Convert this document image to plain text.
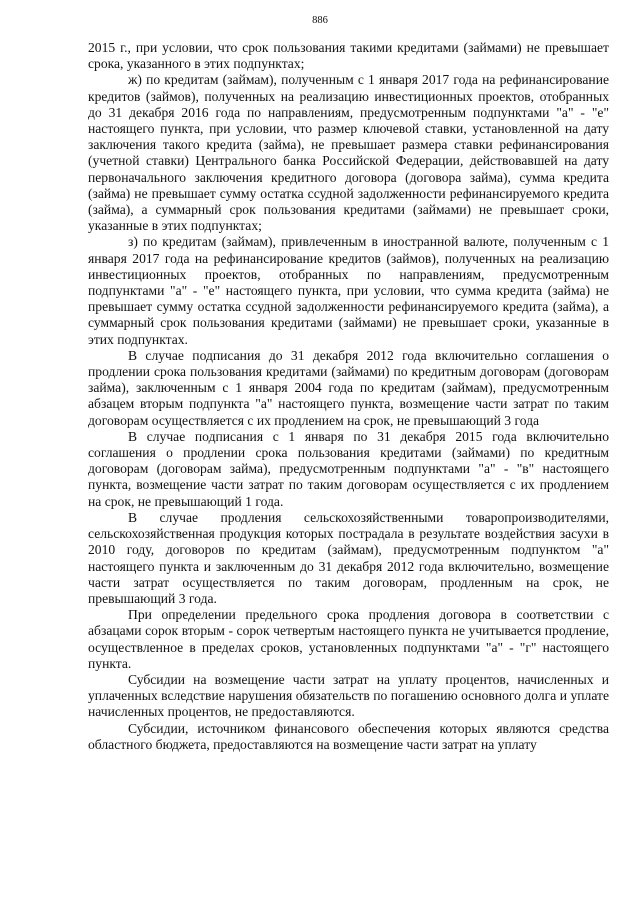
886

2015 г., при условии, что срок пользования такими кредитами (займами) не превышает срока, указанного в этих подпунктах;

ж) по кредитам (займам), полученным с 1 января 2017 года на рефинансирование кредитов (займов), полученных на реализацию инвестиционных проектов, отобранных до 31 декабря 2016 года по направлениям, предусмотренным подпунктами "а" - "е" настоящего пункта, при условии, что размер ключевой ставки, установленной на дату заключения такого кредита (займа), не превышает размера ставки рефинансирования (учетной ставки) Центрального банка Российской Федерации, действовавшей на дату первоначального заключения кредитного договора (договора займа), сумма кредита (займа) не превышает сумму остатка ссудной задолженности рефинансируемого кредита (займа), а суммарный срок пользования кредитами (займами) не превышает сроки, указанные в этих подпунктах;

з) по кредитам (займам), привлеченным в иностранной валюте, полученным с 1 января 2017 года на рефинансирование кредитов (займов), полученных на реализацию инвестиционных проектов, отобранных по направлениям, предусмотренным подпунктами "а" - "е" настоящего пункта, при условии, что сумма кредита (займа) не превышает сумму остатка ссудной задолженности рефинансируемого кредита (займа), а суммарный срок пользования кредитами (займами) не превышает сроки, указанные в этих подпунктах.

В случае подписания до 31 декабря 2012 года включительно соглашения о продлении срока пользования кредитами (займами) по кредитным договорам (договорам займа), заключенным с 1 января 2004 года по кредитам (займам), предусмотренным абзацем вторым подпункта "а" настоящего пункта, возмещение части затрат по таким договорам осуществляется с их продлением на срок, не превышающий 3 года

В случае подписания с 1 января по 31 декабря 2015 года включительно соглашения о продлении срока пользования кредитами (займами) по кредитным договорам (договорам займа), предусмотренным подпунктами "а" - "в" настоящего пункта, возмещение части затрат по таким договорам осуществляется с их продлением на срок, не превышающий 1 года.

В случае продления сельскохозяйственными товаропроизводителями, сельскохозяйственная продукция которых пострадала в результате воздействия засухи в 2010 году, договоров по кредитам (займам), предусмотренным подпунктом "а" настоящего пункта и заключенным до 31 декабря 2012 года включительно, возмещение части затрат осуществляется по таким договорам, продленным на срок, не превышающий 3 года.

При определении предельного срока продления договора в соответствии с абзацами сорок вторым - сорок четвертым настоящего пункта не учитывается продление, осуществленное в пределах сроков, установленных подпунктами "а" - "г" настоящего пункта.

Субсидии на возмещение части затрат на уплату процентов, начисленных и уплаченных вследствие нарушения обязательств по погашению основного долга и уплате начисленных процентов, не предоставляются.

Субсидии, источником финансового обеспечения которых являются средства областного бюджета, предоставляются на возмещение части затрат на уплату
